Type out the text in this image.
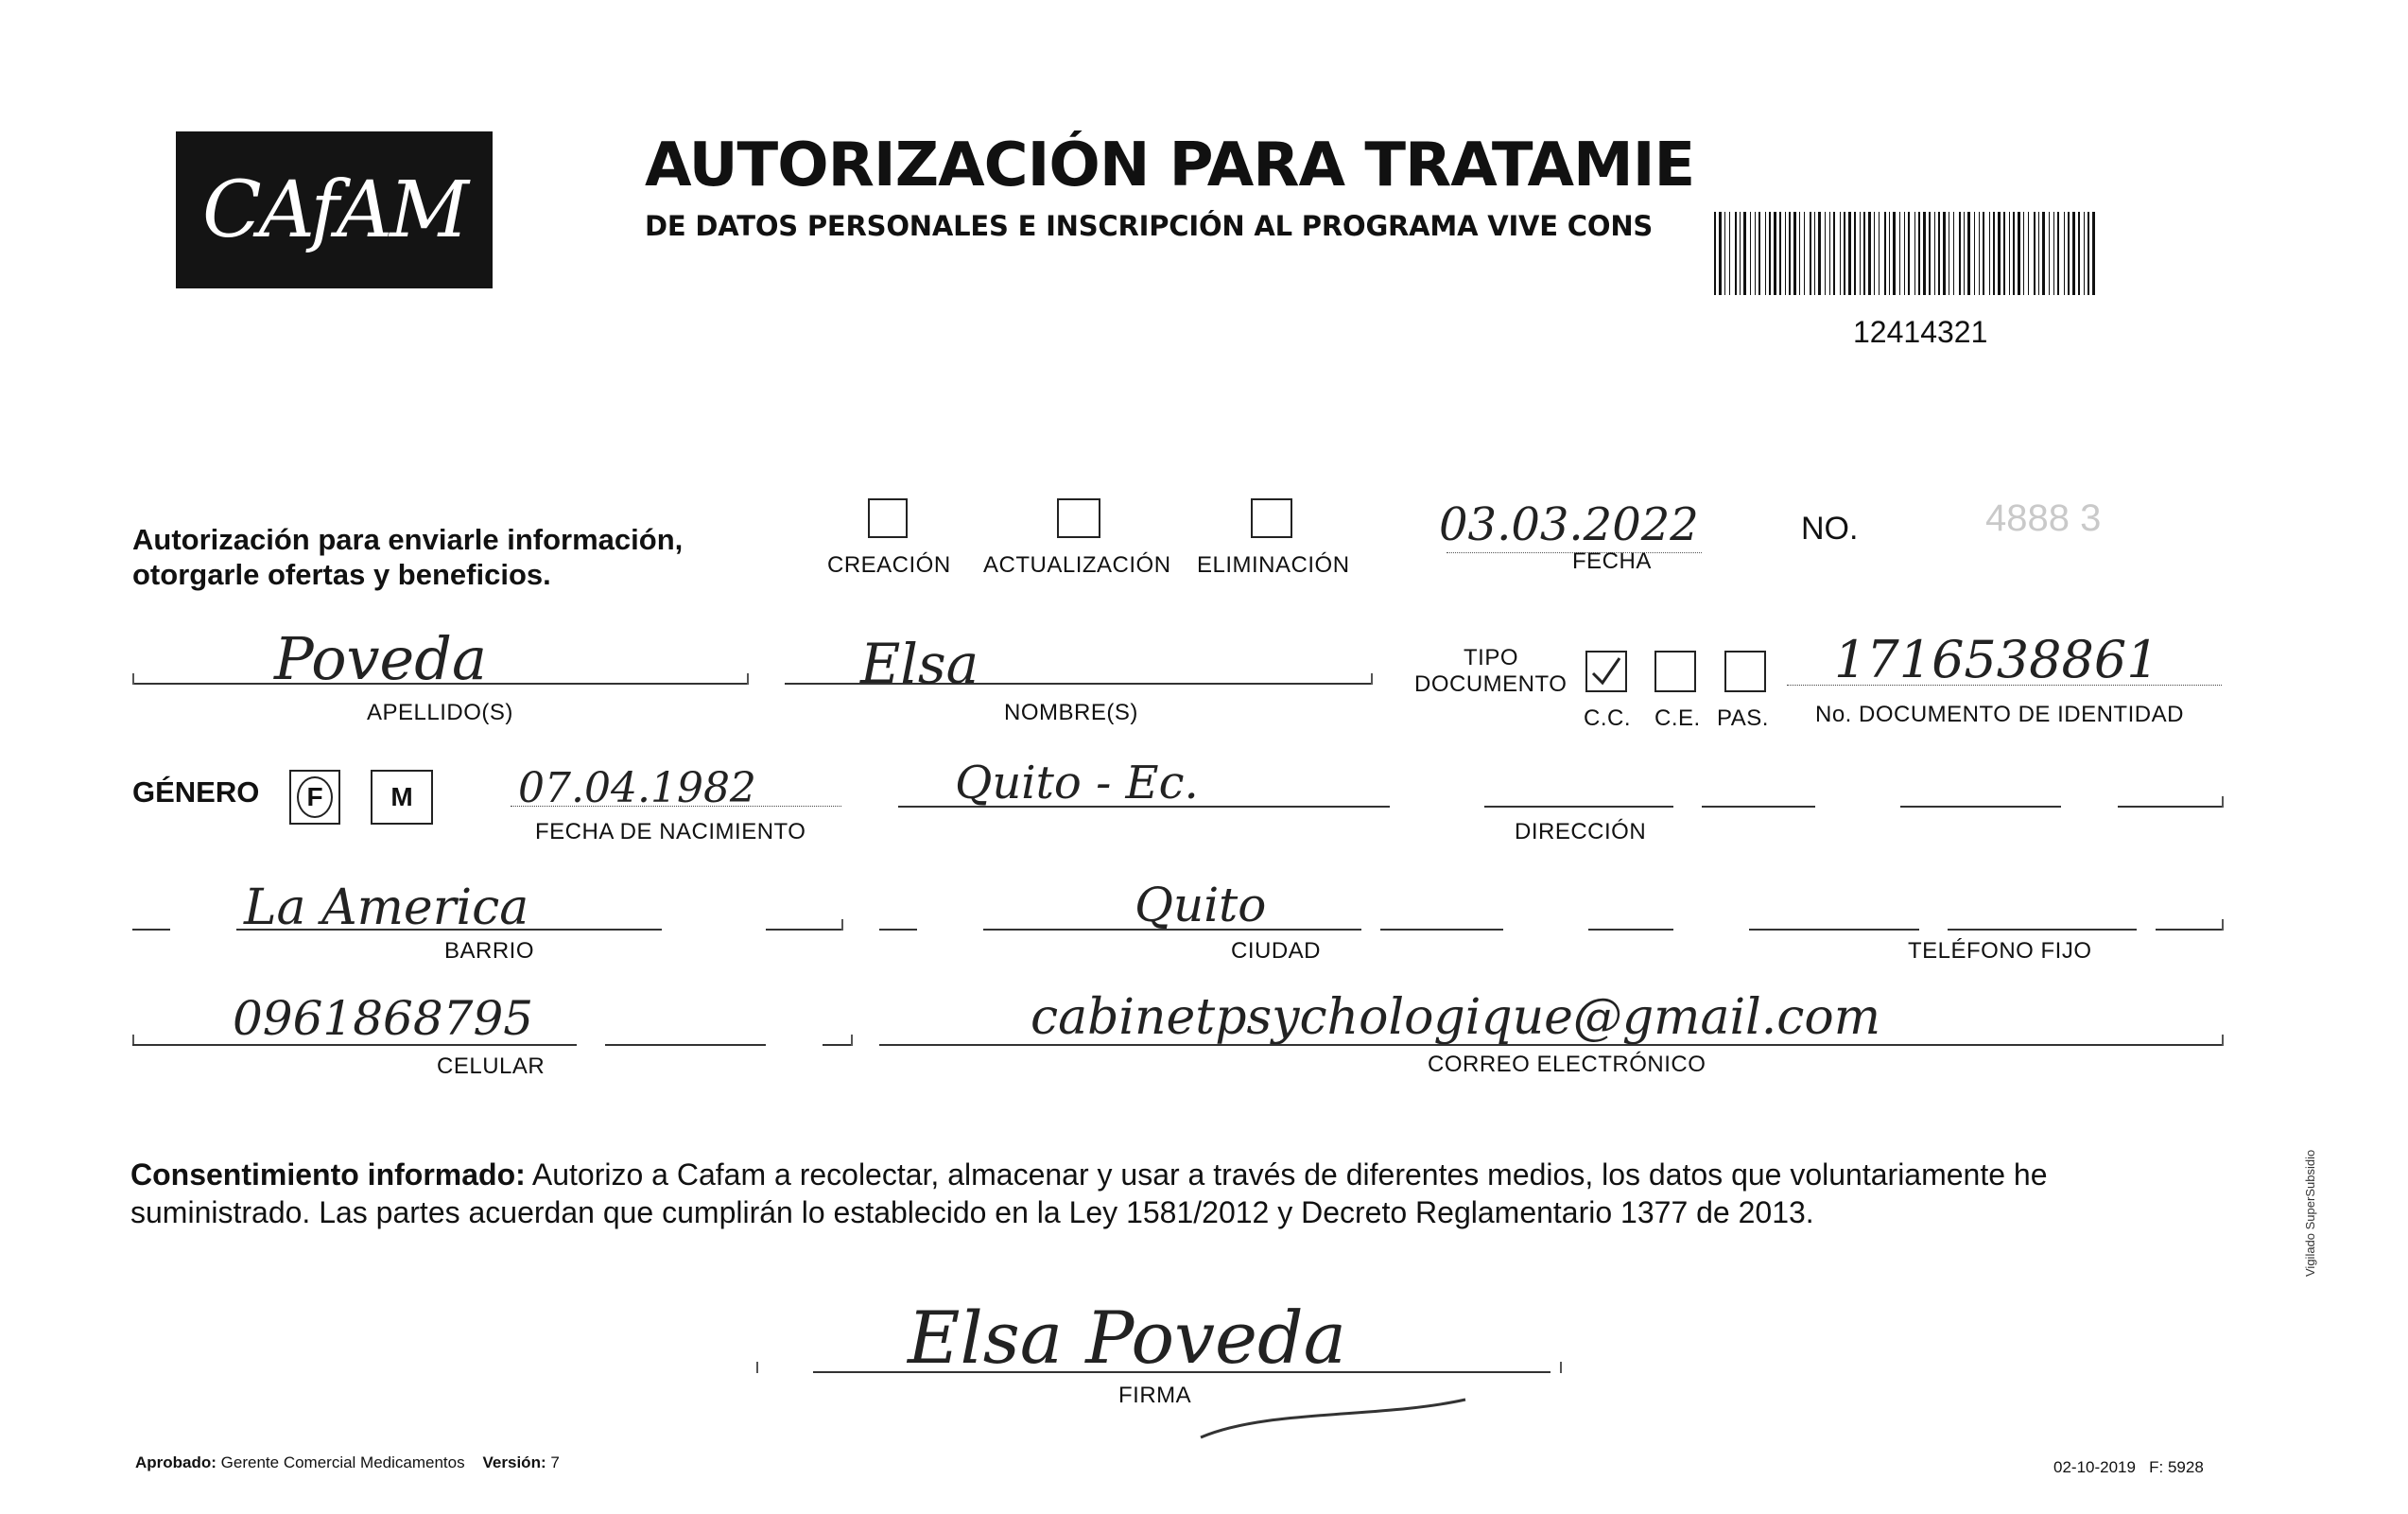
CAfAM	AUTORIZACIÓN PARA TRATAMIE
DE DATOS PERSONALES E INSCRIPCIÓN AL PROGRAMA VIVE CONS
12414321
Autorización para enviarle información,
otorgarle ofertas y beneficios.	CREACIÓN ACTUALIZACIÓN ELIMINACIÓN
03.03.2022
FECHA
NO.	4888 3
Poveda
APELLIDO(S)
Elsa
NOMBRE(S)
TIPO
DOCUMENTO
C.C. C.E. PAS.
1716538861
No. DOCUMENTO DE IDENTIDAD
GÉNERO	F	M	07.04.1982
FECHA DE NACIMIENTO
Quito - Ec.
DIRECCIÓN
La America
BARRIO
Quito
CIUDAD	TELÉFONO FIJO
0961868795
CELULAR
cabinetpsychologique@gmail.com
CORREO ELECTRÓNICO
Consentimiento informado: Autorizo a Cafam a recolectar, almacenar y usar a través de diferentes medios, los datos que voluntariamente he suministrado. Las partes acuerdan que cumplirán lo establecido en la Ley 1581/2012 y Decreto Reglamentario 1377 de 2013.
Elsa Poveda
FIRMA
Aprobado: Gerente Comercial Medicamentos Versión: 7	02-10-2019 F: 5928
Vigilado SuperSubsidio
